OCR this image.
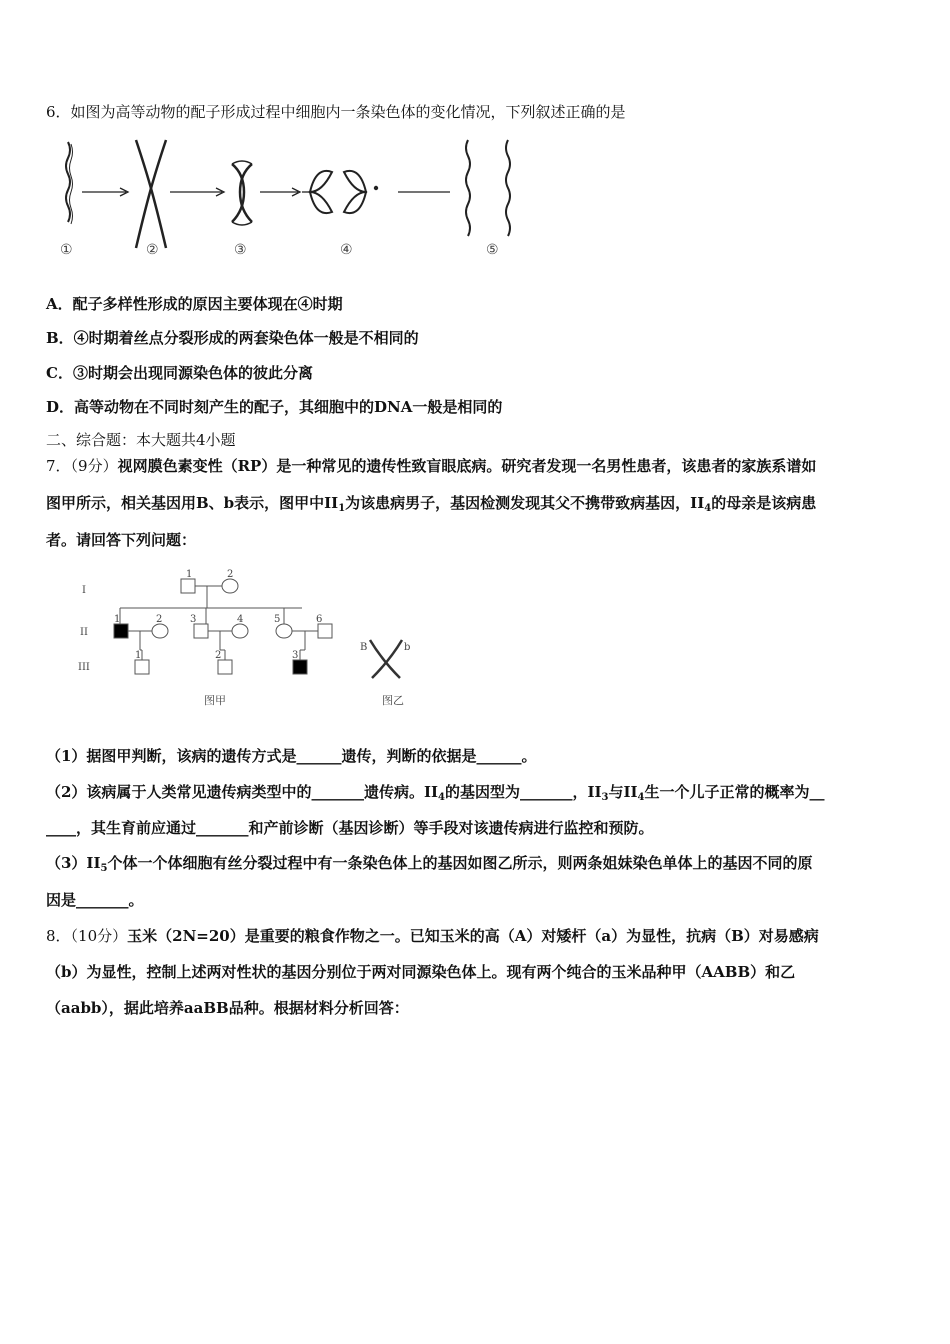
6．如图为高等动物的配子形成过程中细胞内一条染色体的变化情况，下列叙述正确的是
①	②	③	④	⑤
A．配子多样性形成的原因主要体现在④时期
B．④时期着丝点分裂形成的两套染色体一般是不相同的
C．③时期会出现同源染色体的彼此分离
D．高等动物在不同时刻产生的配子，其细胞中的DNA一般是相同的
二、综合题：本大题共4小题
7．（9分）视网膜色素变性（RP）是一种常见的遗传性致盲眼底病。研究者发现一名男性患者，该患者的家族系谱如
图甲所示，相关基因用B、b表示，图甲中$II_1$为该患病男子，基因检测发现其父不携带致病基因，$II_4$的母亲是该病患
者。请回答下列问题：
I
II
III
1	2
1	2	3	4	5	6
1	2	3
B	b
图甲	图乙
（1）据图甲判断，该病的遗传方式是______遗传，判断的依据是______。
（2）该病属于人类常见遗传病类型中的_______遗传病。$II_4$的基因型为_______，$II_3$与$II_4$生一个儿子正常的概率为__
____，其生育前应通过_______和产前诊断（基因诊断）等手段对该遗传病进行监控和预防。
$(3)II_5$个体一个体细胞有丝分裂过程中有一条染色体上的基因如图乙所示，则两条姐妹染色单体上的基因不同的原
因是_______。
8．（10分）玉米（2N=20）是重要的粮食作物之一。已知玉米的高（A）对矮杆（a）为显性，抗病（B）对易感病
（b）为显性，控制上述两对性状的基因分别位于两对同源染色体上。现有两个纯合的玉米品种甲（AABB）和乙
（aabb），据此培养aaBB品种。根据材料分析回答：
